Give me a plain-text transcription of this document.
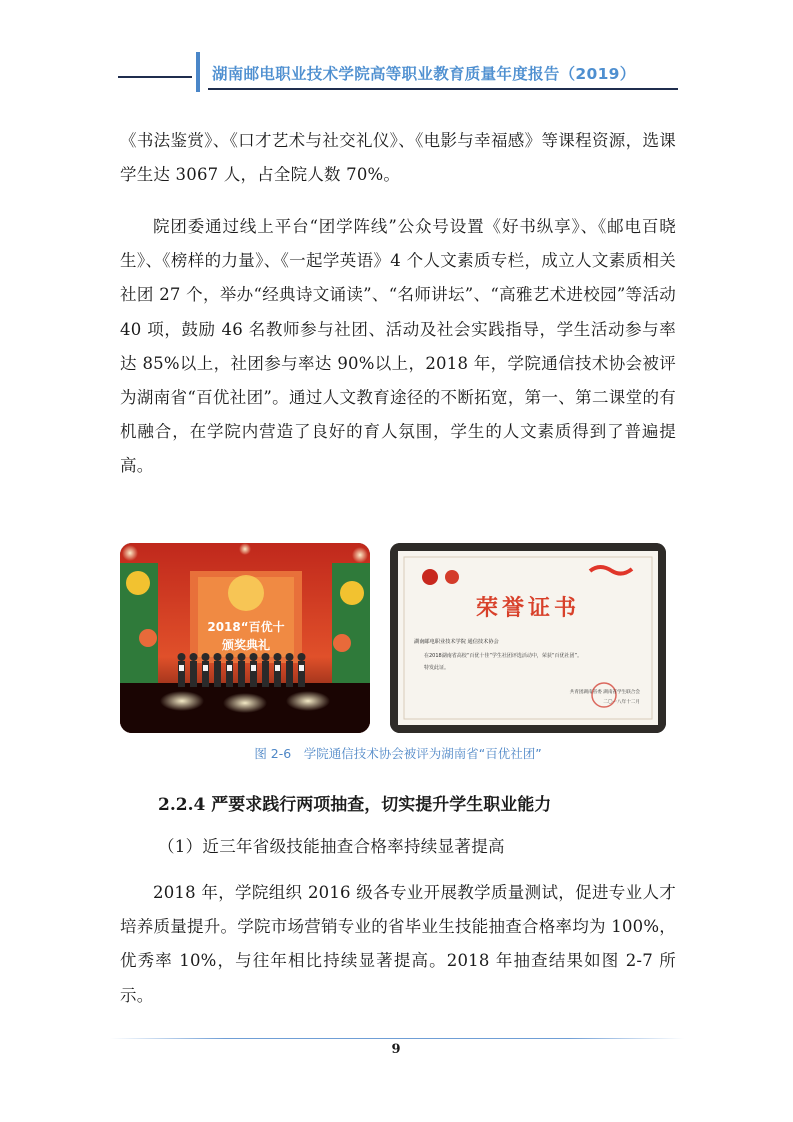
湖南邮电职业技术学院高等职业教育质量年度报告（2019）
《书法鉴赏》、《口才艺术与社交礼仪》、《电影与幸福感》等课程资源，选课学生达 3067 人，占全院人数 70%。
院团委通过线上平台“团学阵线”公众号设置《好书纵享》、《邮电百晓生》、《榜样的力量》、《一起学英语》4 个人文素质专栏，成立人文素质相关社团 27 个，举办“经典诗文诵读”、“名师讲坛”、“高雅艺术进校园”等活动 40 项，鼓励 46 名教师参与社团、活动及社会实践指导，学生活动参与率达 85%以上，社团参与率达 90%以上，2018 年，学院通信技术协会被评为湖南省“百优社团”。通过人文教育途径的不断拓宽，第一、第二课堂的有机融合，在学院内营造了良好的育人氛围，学生的人文素质得到了普遍提高。
2018“百优十
颁奖典礼
荣誉证书
湖南邮电职业技术学院 通信技术协会
在2018湖南省高校“百优十佳”学生社团评选活动中，荣获“百优社团”。
特发此证。
共青团湖南省委 湖南省学生联合会
二〇一八年十二月
图 2-6　学院通信技术协会被评为湖南省“百优社团”
2.2.4 严要求践行两项抽查，切实提升学生职业能力
（1）近三年省级技能抽查合格率持续显著提高
2018 年，学院组织 2016 级各专业开展教学质量测试，促进专业人才培养质量提升。学院市场营销专业的省毕业生技能抽查合格率均为 100%，优秀率 10%，与往年相比持续显著提高。2018 年抽查结果如图 2-7 所示。
9
